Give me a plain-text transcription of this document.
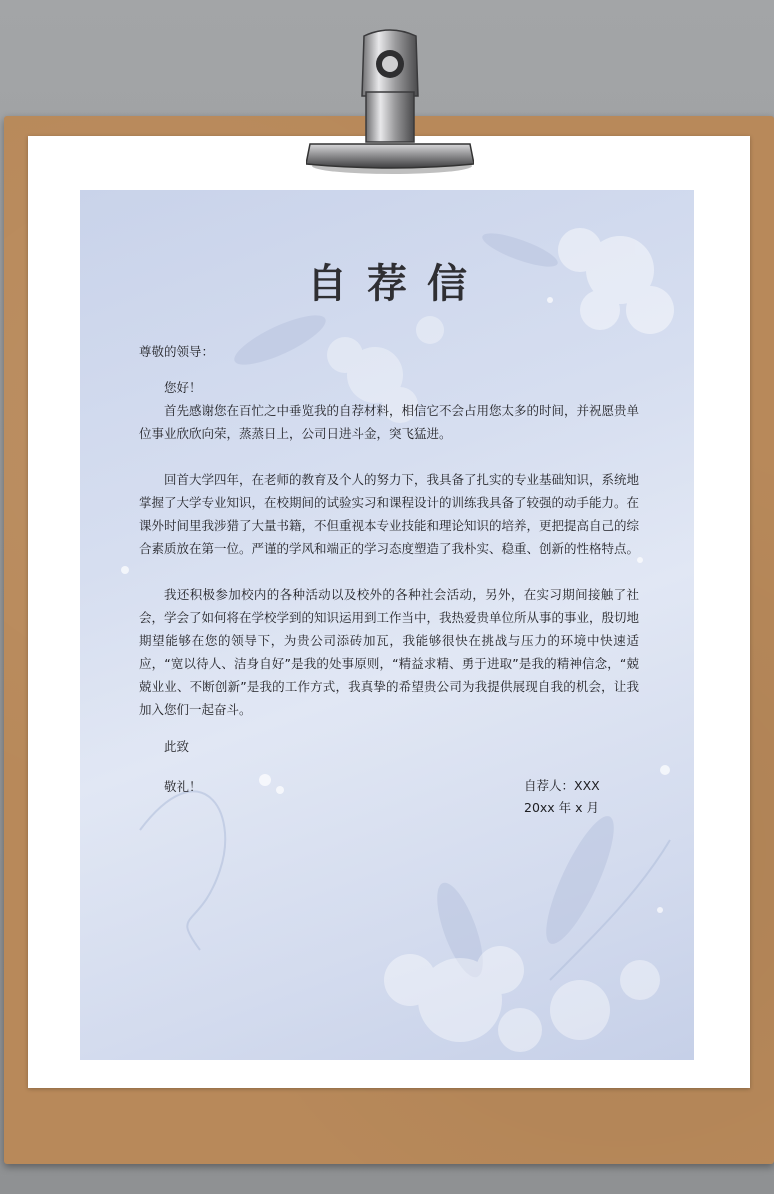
自荐信

尊敬的领导：

您好！

首先感谢您在百忙之中垂览我的自荐材料，相信它不会占用您太多的时间，并祝愿贵单位事业欣欣向荣，蒸蒸日上，公司日进斗金，突飞猛进。

回首大学四年，在老师的教育及个人的努力下，我具备了扎实的专业基础知识，系统地掌握了大学专业知识，在校期间的试验实习和课程设计的训练我具备了较强的动手能力。在课外时间里我涉猎了大量书籍，不但重视本专业技能和理论知识的培养，更把提高自己的综合素质放在第一位。严谨的学风和端正的学习态度塑造了我朴实、稳重、创新的性格特点。

我还积极参加校内的各种活动以及校外的各种社会活动，另外，在实习期间接触了社会，学会了如何将在学校学到的知识运用到工作当中，我热爱贵单位所从事的事业，殷切地期望能够在您的领导下，为贵公司添砖加瓦，我能够很快在挑战与压力的环境中快速适应，“宽以待人、洁身自好”是我的处事原则，“精益求精、勇于进取”是我的精神信念，“兢兢业业、不断创新”是我的工作方式，我真挚的希望贵公司为我提供展现自我的机会，让我加入您们一起奋斗。

此致

敬礼！	自荐人：XXX
20xx 年 x 月
